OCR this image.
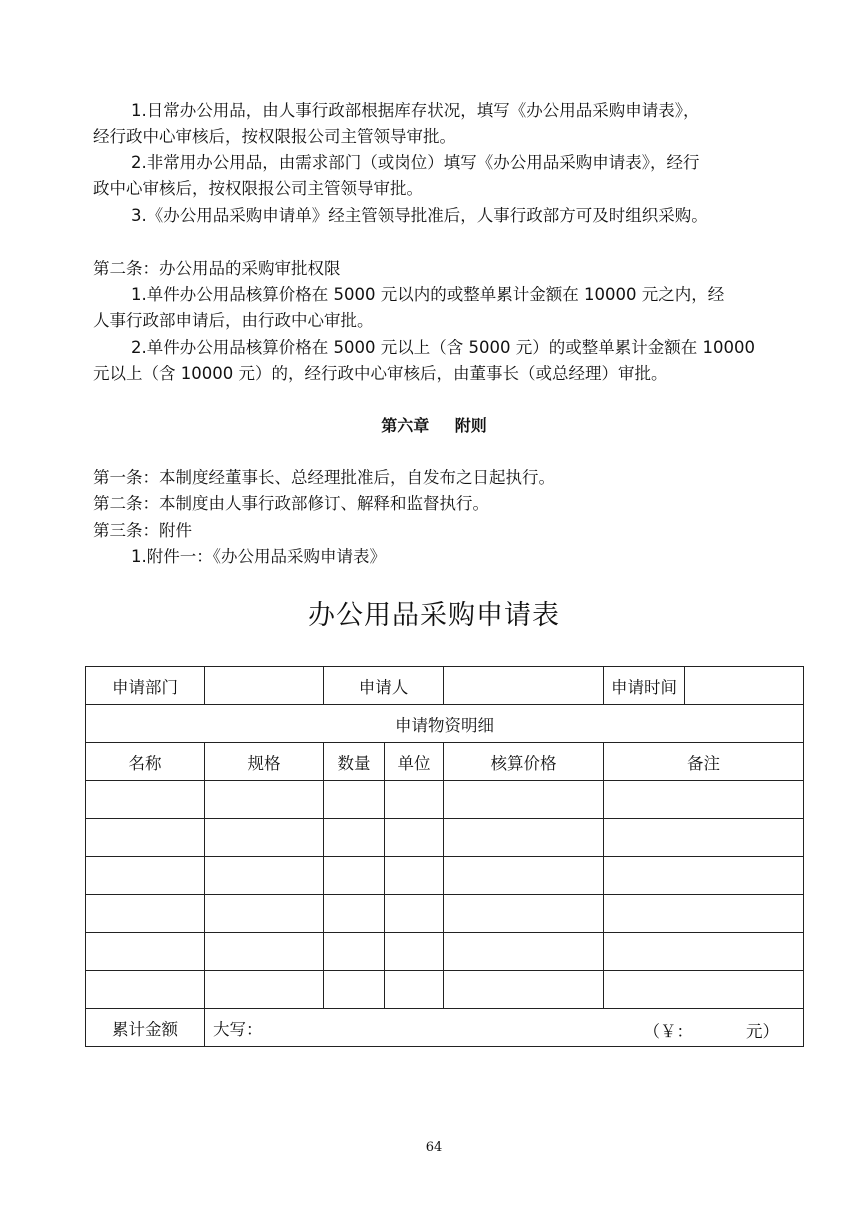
1.日常办公用品，由人事行政部根据库存状况，填写《办公用品采购申请表》，
经行政中心审核后，按权限报公司主管领导审批。
2.非常用办公用品，由需求部门（或岗位）填写《办公用品采购申请表》，经行
政中心审核后，按权限报公司主管领导审批。
3.《办公用品采购申请单》经主管领导批准后，人事行政部方可及时组织采购。
第二条：办公用品的采购审批权限
1.单件办公用品核算价格在 5000 元以内的或整单累计金额在 10000 元之内，经
人事行政部申请后，由行政中心审批。
2.单件办公用品核算价格在 5000 元以上（含 5000 元）的或整单累计金额在 10000
元以上（含 10000 元）的，经行政中心审核后，由董事长（或总经理）审批。
第六章 附则
第一条：本制度经董事长、总经理批准后，自发布之日起执行。
第二条：本制度由人事行政部修订、解释和监督执行。
第三条：附件
1.附件一：《办公用品采购申请表》
办公用品采购申请表
申请部门		申请人			申请时间	
申请物资明细						
名称	规格	数量	单位	核算价格	备注	

累计金额	大写： （￥： 元）					
64
